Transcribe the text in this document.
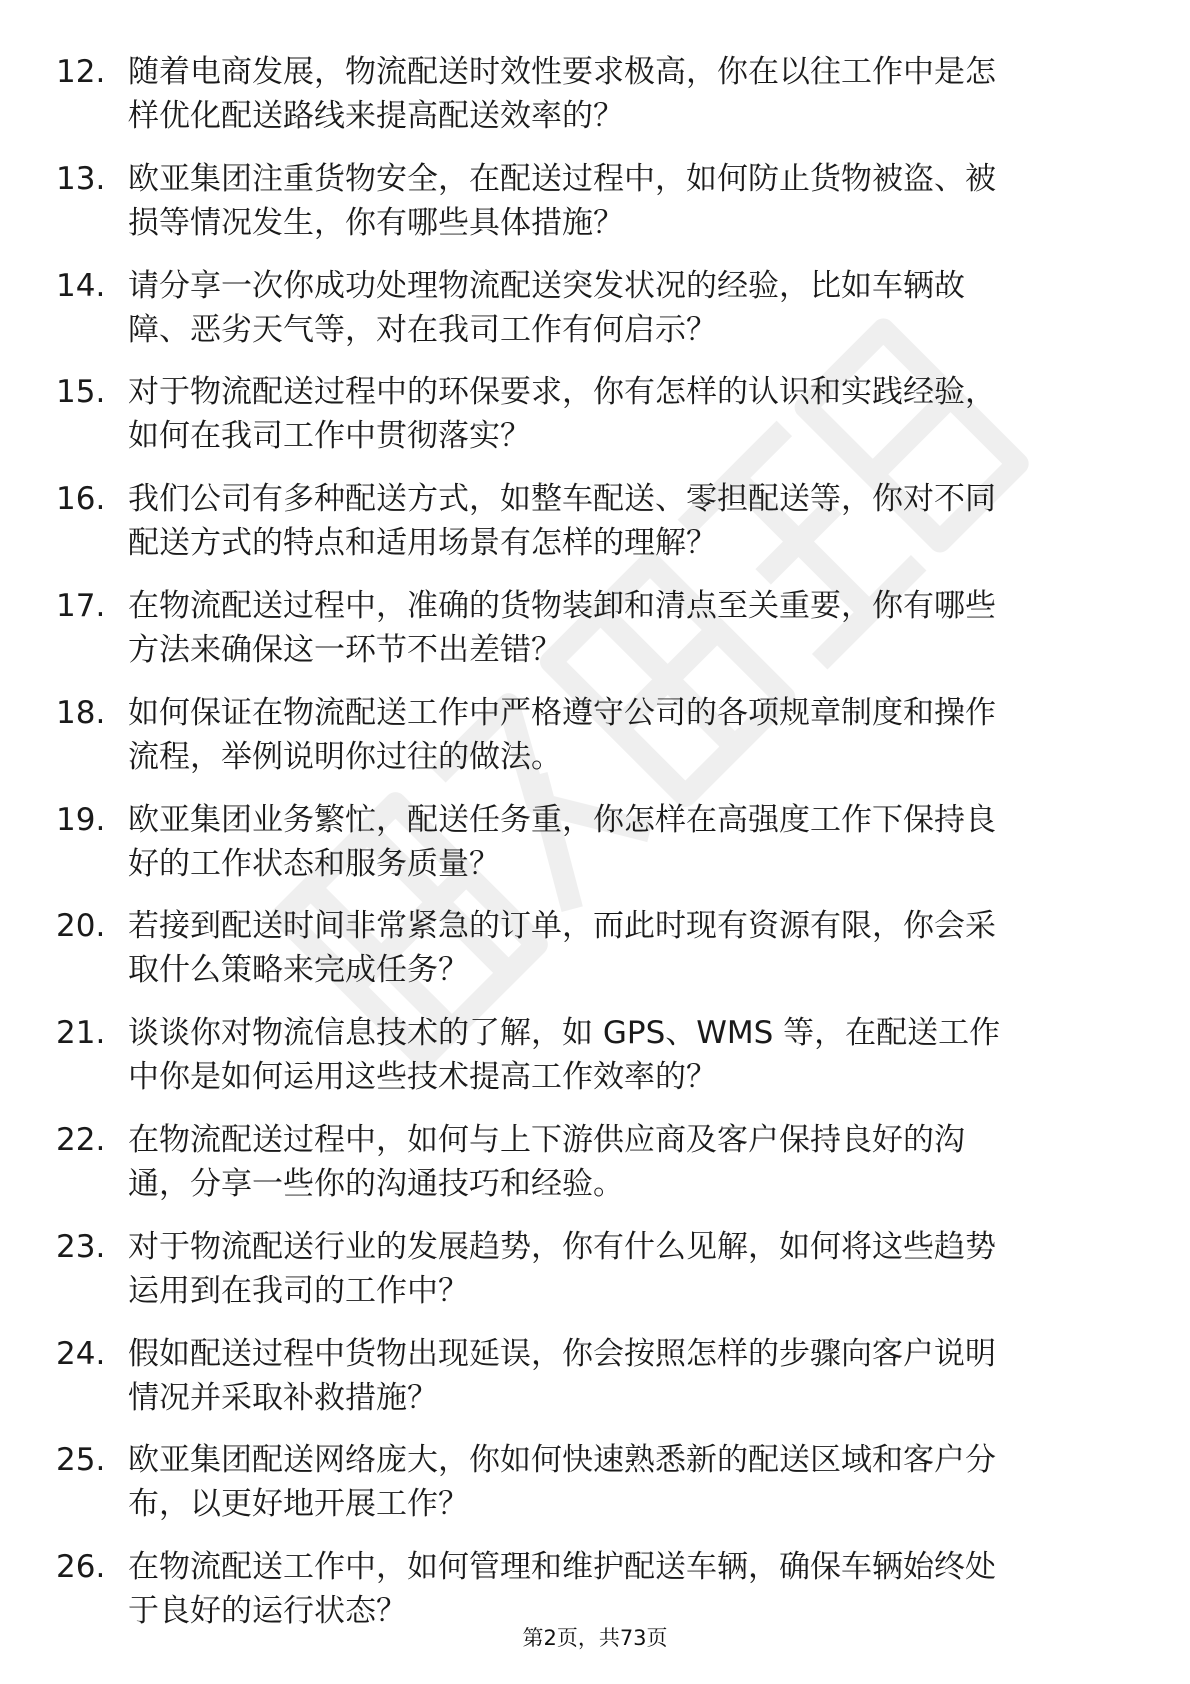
12. 随着电商发展，物流配送时效性要求极高，你在以往工作中是怎
样优化配送路线来提高配送效率的？
13. 欧亚集团注重货物安全，在配送过程中，如何防止货物被盗、被
损等情况发生，你有哪些具体措施？
14. 请分享一次你成功处理物流配送突发状况的经验，比如车辆故
障、恶劣天气等，对在我司工作有何启示？
15. 对于物流配送过程中的环保要求，你有怎样的认识和实践经验，
如何在我司工作中贯彻落实？
16. 我们公司有多种配送方式，如整车配送、零担配送等，你对不同
配送方式的特点和适用场景有怎样的理解？
17. 在物流配送过程中，准确的货物装卸和清点至关重要，你有哪些
方法来确保这一环节不出差错？
18. 如何保证在物流配送工作中严格遵守公司的各项规章制度和操作
流程，举例说明你过往的做法。
19. 欧亚集团业务繁忙，配送任务重，你怎样在高强度工作下保持良
好的工作状态和服务质量？
20. 若接到配送时间非常紧急的订单，而此时现有资源有限，你会采
取什么策略来完成任务？
21. 谈谈你对物流信息技术的了解，如 GPS、WMS 等，在配送工作
中你是如何运用这些技术提高工作效率的？
22. 在物流配送过程中，如何与上下游供应商及客户保持良好的沟
通，分享一些你的沟通技巧和经验。
23. 对于物流配送行业的发展趋势，你有什么见解，如何将这些趋势
运用到在我司的工作中？
24. 假如配送过程中货物出现延误，你会按照怎样的步骤向客户说明
情况并采取补救措施？
25. 欧亚集团配送网络庞大，你如何快速熟悉新的配送区域和客户分
布，以更好地开展工作？
26. 在物流配送工作中，如何管理和维护配送车辆，确保车辆始终处
于良好的运行状态？
第2页，共73页
